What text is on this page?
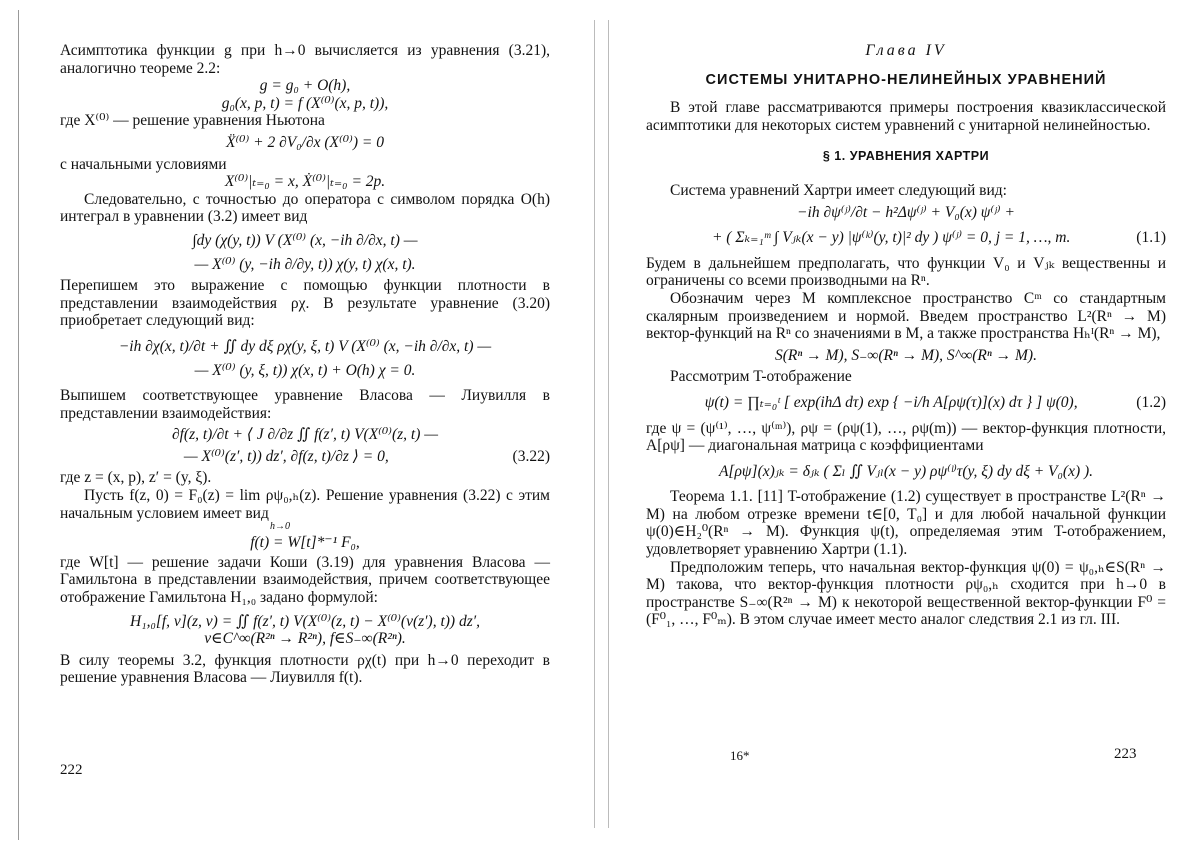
Асимптотика функции g при h→0 вычисляется из уравнения (3.21), аналогично теореме 2.2:

g = g₀ + O(h),

g₀(x, p, t) = f (X⁽⁰⁾(x, p, t)),

где X⁽⁰⁾ — решение уравнения Ньютона

Ẍ⁽⁰⁾ + 2 ∂V₀/∂x (X⁽⁰⁾) = 0

с начальными условиями

X⁽⁰⁾|ₜ₌₀ = x, Ẋ⁽⁰⁾|ₜ₌₀ = 2p.

Следовательно, с точностью до оператора с символом порядка O(h) интеграл в уравнении (3.2) имеет вид

∫dy (χ(y, t)) V (X⁽⁰⁾ (x, −ih ∂/∂x, t) —

— X⁽⁰⁾ (y, −ih ∂/∂y, t)) χ(y, t) χ(x, t).

Перепишем это выражение с помощью функции плотности в представлении взаимодействия ρχ. В результате уравнение (3.20) приобретает следующий вид:

−ih ∂χ(x, t)/∂t + ∬ dy dξ ρχ(y, ξ, t) V (X⁽⁰⁾ (x, −ih ∂/∂x, t) —

— X⁽⁰⁾ (y, ξ, t)) χ(x, t) + O(h) χ = 0.

Выпишем соответствующее уравнение Власова — Лиувилля в представлении взаимодействия:

∂f(z, t)/∂t + ⟨ J ∂/∂z ∬ f(z′, t) V(X⁽⁰⁾(z, t) —

— X⁽⁰⁾(z′, t)) dz′, ∂f(z, t)/∂z ⟩ = 0,	(3.22)

где z = (x, p), z′ = (y, ξ).

Пусть f(z, 0) = F₀(z) = lim ρψ₀,ₕ(z). Решение уравнения (3.22) с этим начальным условием имеет вид

h→0

f(t) = W[t]*⁻¹ F₀,

где W[t] — решение задачи Коши (3.19) для уравнения Власова — Гамильтона в представлении взаимодействия, причем соответствующее отображение Гамильтона H₁,₀ задано формулой:

H₁,₀[f, v](z, v) = ∬ f(z′, t) V(X⁽⁰⁾(z, t) − X⁽⁰⁾(v(z′), t)) dz′,

v∈C^∞(R²ⁿ → R²ⁿ), f∈S₋∞(R²ⁿ).

В силу теоремы 3.2, функция плотности ρχ(t) при h→0 переходит в решение уравнения Власова — Лиувилля f(t).

222

Глава IV

СИСТЕМЫ УНИТАРНО-НЕЛИНЕЙНЫХ УРАВНЕНИЙ

В этой главе рассматриваются примеры построения квазиклассической асимптотики для некоторых систем уравнений с унитарной нелинейностью.

§ 1. УРАВНЕНИЯ ХАРТРИ

Система уравнений Хартри имеет следующий вид:

−ih ∂ψ⁽ʲ⁾/∂t − h²Δψ⁽ʲ⁾ + V₀(x) ψ⁽ʲ⁾ +

+ ( Σₖ₌₁ᵐ ∫ Vⱼₖ(x − y) |ψ⁽ᵏ⁾(y, t)|² dy ) ψ⁽ʲ⁾ = 0, j = 1, …, m.	(1.1)

Будем в дальнейшем предполагать, что функции V₀ и Vⱼₖ вещественны и ограничены со всеми производными на Rⁿ.

Обозначим через M комплексное пространство Cᵐ со стандартным скалярным произведением и нормой. Введем пространство L²(Rⁿ → M) вектор-функций на Rⁿ со значениями в M, а также пространства Hₕᴵ(Rⁿ → M),

S(Rⁿ → M), S₋∞(Rⁿ → M), S^∞(Rⁿ → M).

Рассмотрим T-отображение

ψ(t) = ∏ₜ₌₀ᵗ [ exp(ihΔ dτ) exp { −i/h A[ρψ(τ)](x) dτ } ] ψ(0),	(1.2)

где ψ = (ψ⁽¹⁾, …, ψ⁽ᵐ⁾), ρψ = (ρψ(1), …, ρψ(m)) — вектор-функция плотности, A[ρψ] — диагональная матрица с коэффициентами

A[ρψ](x)ⱼₖ = δⱼₖ ( Σₗ ∬ Vⱼₗ(x − y) ρψ⁽ˡ⁾τ(y, ξ) dy dξ + V₀(x) ).

Теорема 1.1. [11] T-отображение (1.2) существует в пространстве L²(Rⁿ → M) на любом отрезке времени t∈[0, T₀] и для любой начальной функции ψ(0)∈H₂⁰(Rⁿ → M). Функция ψ(t), определяемая этим T-отображением, удовлетворяет уравнению Хартри (1.1).

Предположим теперь, что начальная вектор-функция ψ(0) = ψ₀,ₕ∈S(Rⁿ → M) такова, что вектор-функция плотности ρψ₀,ₕ сходится при h→0 в пространстве S₋∞(R²ⁿ → M) к некоторой вещественной вектор-функции F⁰ = (F⁰₁, …, F⁰ₘ). В этом случае имеет место аналог следствия 2.1 из гл. III.

16*	223
